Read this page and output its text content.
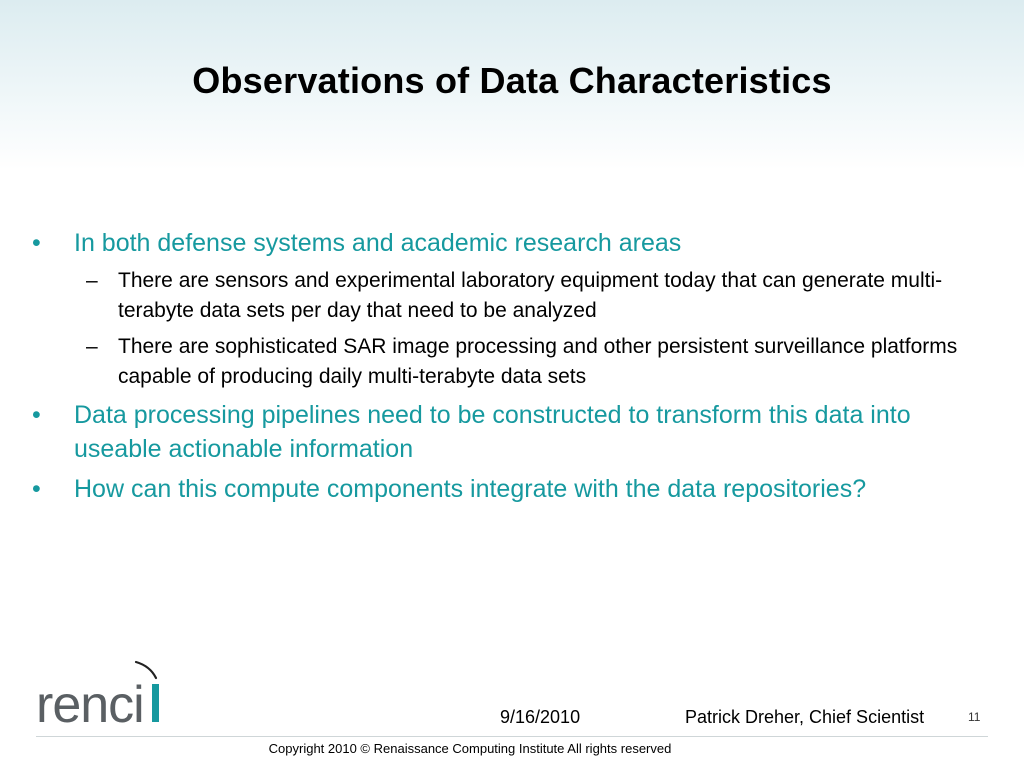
Observations of Data Characteristics
• In both defense systems and academic research areas
– There are sensors and experimental laboratory equipment today that can generate multi-terabyte data sets per day that need to be analyzed
– There are sophisticated SAR image processing and other persistent surveillance platforms capable of producing daily multi-terabyte data sets
• Data processing pipelines need to be constructed to transform this data into useable actionable information
• How can this compute components integrate with the data repositories?
renci	9/16/2010	Patrick Dreher, Chief Scientist	11
Copyright 2010 © Renaissance Computing Institute All rights reserved
